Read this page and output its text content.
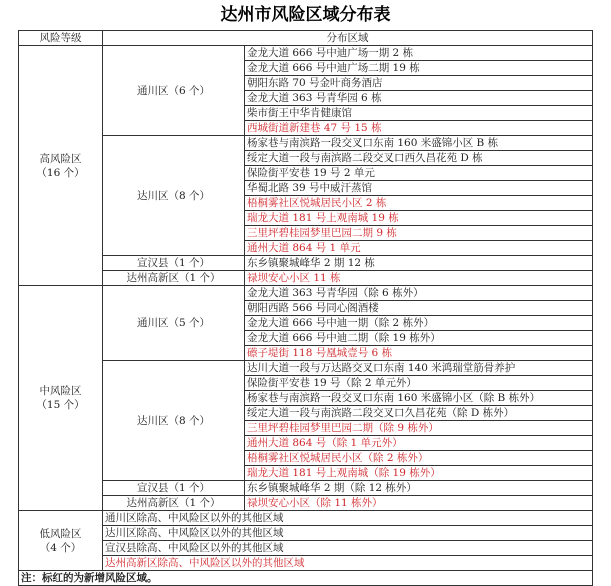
达州市风险区域分布表
风险等级	分布区域	

高风险区
（16 个）	通川区（6 个）	金龙大道 666 号中迪广场一期 2 栋
		金龙大道 666 号中迪广场二期 19 栋
		朝阳东路 70 号金叶商务酒店
		金龙大道 363 号青华园 6 栋
		柴市街王中华肯健康馆
		西城街道新建巷 47 号 15 栋
	达川区（8 个）	杨家巷与南滨路一段交叉口东南 160 米盛锦小区 B 栋
		绥定大道一段与南滨路二段交叉口西久昌花苑 D 栋
		保险街平安巷 19 号 2 单元
		华蜀北路 39 号中威汗蒸馆
		梧桐雾社区悦城居民小区 2 栋
		瑞龙大道 181 号上观南城 19 栋
		三里坪碧桂园梦里巴园二期 9 栋
		通州大道 864 号 1 单元
	宣汉县（1 个）	东乡镇聚城峰华 2 期 12 栋
	达州高新区（1 个）	禄坝安心小区 11 栋

中风险区
（15 个）	通川区（5 个）	金龙大道 363 号青华园（除 6 栋外）
		朝阳西路 566 号同心阁酒楼
		金龙大道 666 号中迪一期（除 2 栋外）
		金龙大道 666 号中迪二期（除 19 栋外）
		礤子堤街 118 号凰城壹号 6 栋
	达川区（8 个）	达川大道一段与万达路交叉口东南 140 米鸿瑞堂筋骨养护
		保险街平安巷 19 号（除 2 单元外）
		杨家巷与南滨路一段交叉口东南 160 米盛锦小区（除 B 栋外）
		绥定大道一段与南滨路二段交叉口久昌花苑（除 D 栋外）
		三里坪碧桂园梦里巴园二期（除 9 栋外）
		通州大道 864 号（除 1 单元外）
		梧桐雾社区悦城居民小区（除 2 栋外）
		瑞龙大道 181 号上观南城（除 19 栋外）
	宣汉县（1 个）	东乡镇聚城峰华 2 期（除 12 栋外）
	达州高新区（1 个）	禄坝安心小区（除 11 栋外）

低风险区
（4 个）	通川区除高、中风险区以外的其他区域	
	达川区除高、中风险区以外的其他区域	
	宣汉县除高、中风险区以外的其他区域	
	达州高新区除高、中风险区以外的其他区域	
注：标红的为新增风险区域。		
